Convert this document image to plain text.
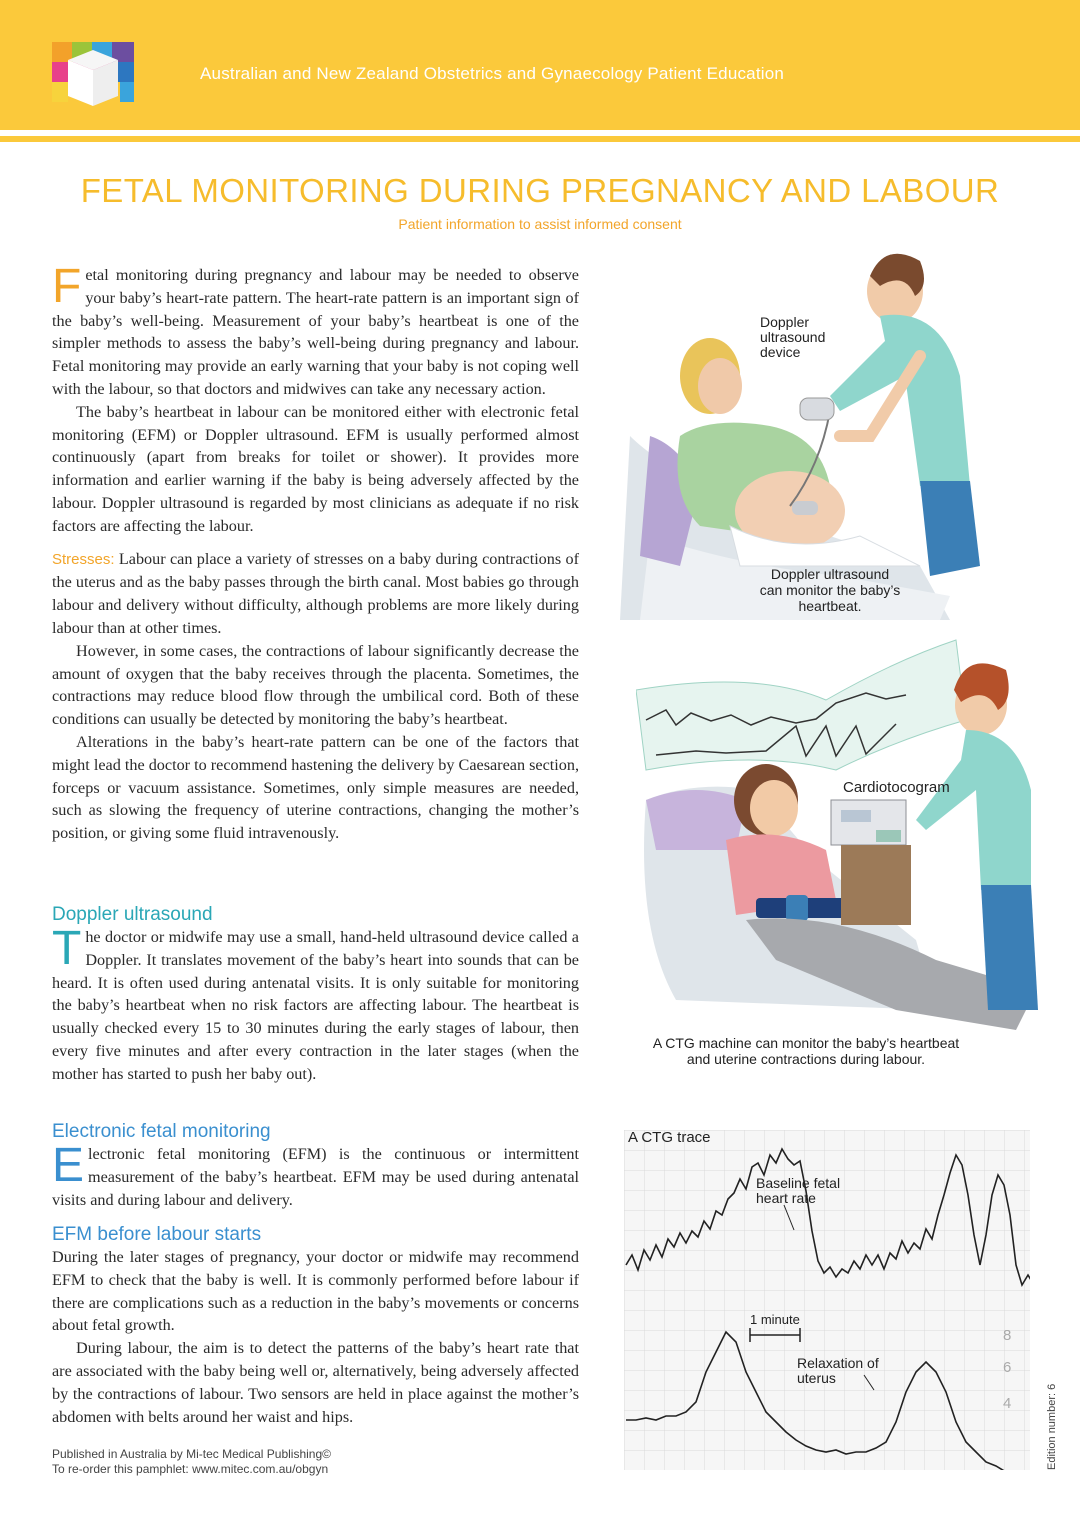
Australian and New Zealand Obstetrics and Gynaecology Patient Education
FETAL MONITORING DURING PREGNANCY AND LABOUR
Patient information to assist informed consent

Fetal monitoring during pregnancy and labour may be needed to observe your baby’s heart-rate pattern. The heart-rate pattern is an important sign of the baby’s well-being. Measurement of your baby’s heartbeat is one of the simpler methods to assess the baby’s well-being during pregnancy and labour. Fetal monitoring may provide an early warning that your baby is not coping well with the labour, so that doctors and midwives can take any necessary action.

The baby’s heartbeat in labour can be monitored either with electronic fetal monitoring (EFM) or Doppler ultrasound. EFM is usually performed almost continuously (apart from breaks for toilet or shower). It provides more information and earlier warning if the baby is being adversely affected by the labour. Doppler ultrasound is regarded by most clinicians as adequate if no risk factors are affecting the labour.

Stresses: Labour can place a variety of stresses on a baby during contractions of the uterus and as the baby passes through the birth canal. Most babies go through labour and delivery without difficulty, although problems are more likely during labour than at other times.

However, in some cases, the contractions of labour significantly decrease the amount of oxygen that the baby receives through the placenta. Sometimes, the contractions may reduce blood flow through the umbilical cord. Both of these conditions can usually be detected by monitoring the baby’s heartbeat.

Alterations in the baby’s heart-rate pattern can be one of the factors that might lead the doctor to recommend hastening the delivery by Caesarean section, forceps or vacuum assistance. Sometimes, only simple measures are needed, such as slowing the frequency of uterine contractions, changing the mother’s position, or giving some fluid intravenously.

Doppler ultrasound

The doctor or midwife may use a small, hand-held ultrasound device called a Doppler. It translates movement of the baby’s heart into sounds that can be heard. It is often used during antenatal visits. It is only suitable for monitoring the baby’s heartbeat when no risk factors are affecting labour. The heartbeat is usually checked every 15 to 30 minutes during the early stages of labour, then every five minutes and after every contraction in the later stages (when the mother has started to push her baby out).

Electronic fetal monitoring

Electronic fetal monitoring (EFM) is the continuous or intermittent measurement of the baby’s heartbeat. EFM may be used during antenatal visits and during labour and delivery.

EFM before labour starts

During the later stages of pregnancy, your doctor or midwife may recommend EFM to check that the baby is well. It is commonly performed before labour if there are complications such as a reduction in the baby’s movements or concerns about fetal growth.

During labour, the aim is to detect the patterns of the baby’s heart rate that are associated with the baby being well or, alternatively, being adversely affected by the contractions of labour. Two sensors are held in place against the mother’s abdomen with belts around her waist and hips.

Doppler
ultrasound
device
Doppler ultrasound
can monitor the baby’s
heartbeat.
Cardiotocogram
A CTG machine can monitor the baby’s heartbeat
and uterine contractions during labour.
A CTG trace
Baseline fetal
heart rate
1 minute
Relaxation of
uterus
8
6
4
Published in Australia by Mi-tec Medical Publishing©
To re-order this pamphlet: www.mitec.com.au/obgyn	Edition number: 6
